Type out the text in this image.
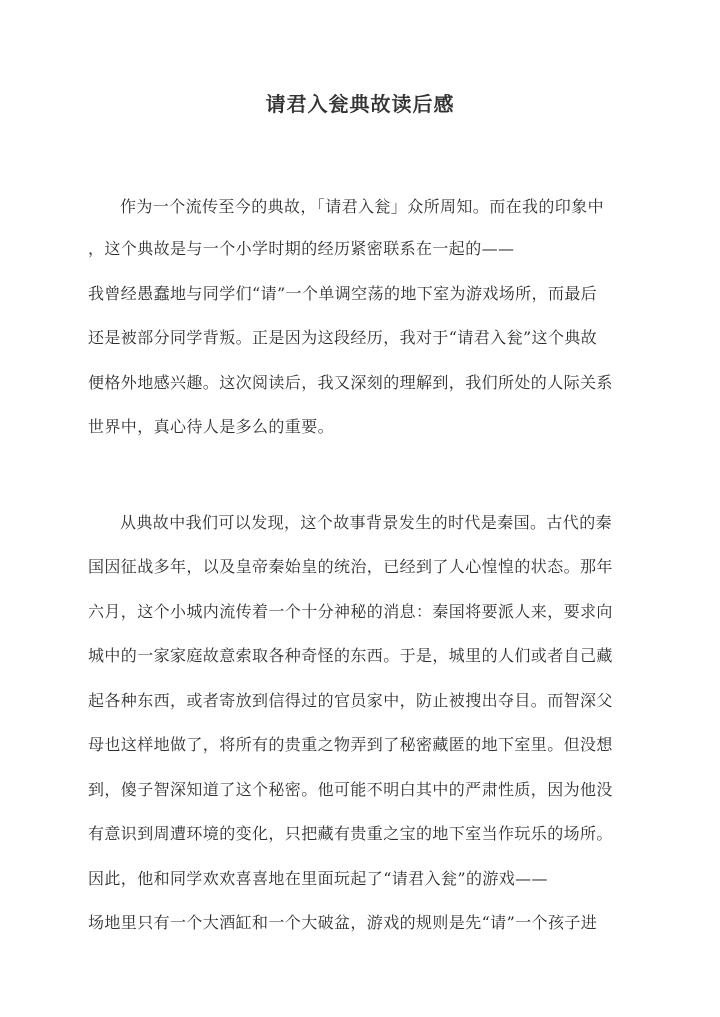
请君入瓮典故读后感
作为一个流传至今的典故，「请君入瓮」众所周知。而在我的印象中
，这个典故是与一个小学时期的经历紧密联系在一起的——
我曾经愚蠢地与同学们“请”一个单调空荡的地下室为游戏场所，而最后
还是被部分同学背叛。正是因为这段经历，我对于“请君入瓮”这个典故
便格外地感兴趣。这次阅读后，我又深刻的理解到，我们所处的人际关系
世界中，真心待人是多么的重要。
从典故中我们可以发现，这个故事背景发生的时代是秦国。古代的秦
国因征战多年，以及皇帝秦始皇的统治，已经到了人心惶惶的状态。那年
六月，这个小城内流传着一个十分神秘的消息：秦国将要派人来，要求向
城中的一家家庭故意索取各种奇怪的东西。于是，城里的人们或者自己藏
起各种东西，或者寄放到信得过的官员家中，防止被搜出夺目。而智深父
母也这样地做了，将所有的贵重之物弄到了秘密藏匿的地下室里。但没想
到，傻子智深知道了这个秘密。他可能不明白其中的严肃性质，因为他没
有意识到周遭环境的变化，只把藏有贵重之宝的地下室当作玩乐的场所。
因此，他和同学欢欢喜喜地在里面玩起了“请君入瓮”的游戏——
场地里只有一个大酒缸和一个大破盆，游戏的规则是先“请”一个孩子进
